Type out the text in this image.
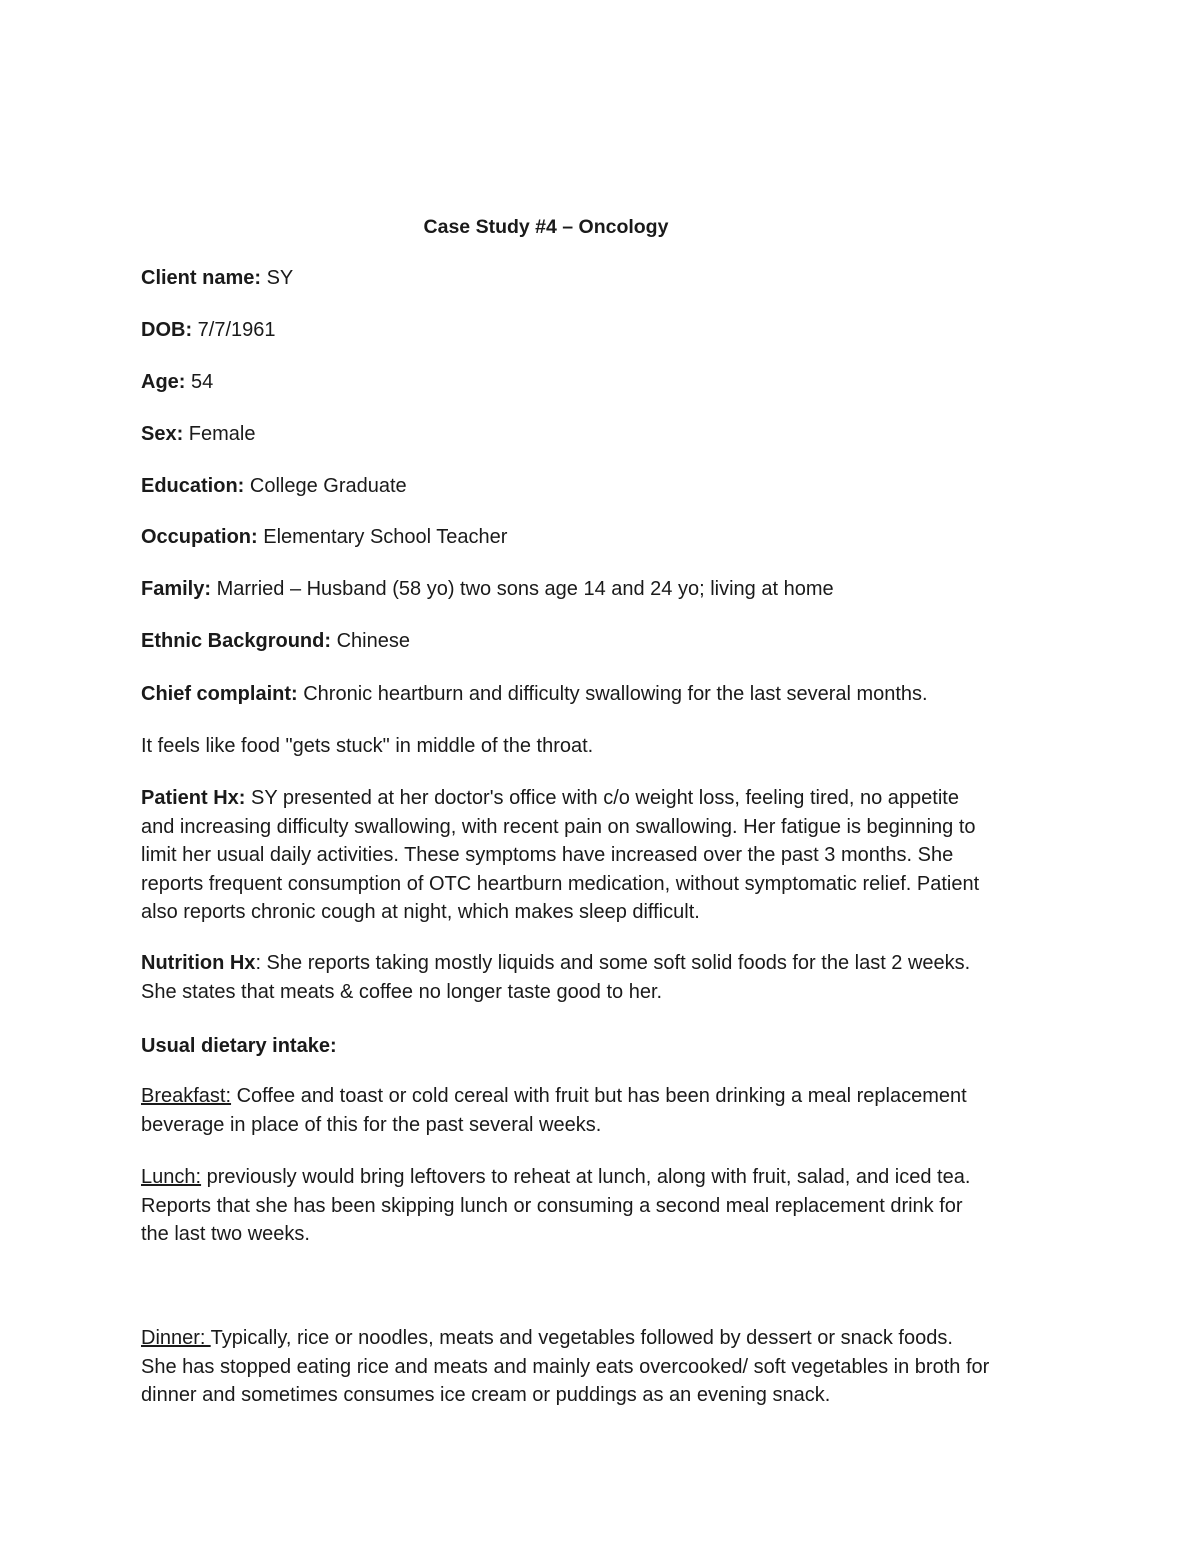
Case Study #4 – Oncology
Client name: SY
DOB: 7/7/1961
Age: 54
Sex: Female
Education: College Graduate
Occupation: Elementary School Teacher
Family: Married – Husband (58 yo) two sons age 14 and 24 yo; living at home
Ethnic Background: Chinese
Chief complaint: Chronic heartburn and difficulty swallowing for the last several months.
It feels like food "gets stuck" in middle of the throat.

Patient Hx: SY presented at her doctor's office with c/o weight loss, feeling tired, no appetite

and increasing difficulty swallowing, with recent pain on swallowing. Her fatigue is beginning to

limit her usual daily activities. These symptoms have increased over the past 3 months. She

reports frequent consumption of OTC heartburn medication, without symptomatic relief. Patient

also reports chronic cough at night, which makes sleep difficult.

Nutrition Hx: She reports taking mostly liquids and some soft solid foods for the last 2 weeks.

She states that meats & coffee no longer taste good to her.

Usual dietary intake:

Breakfast: Coffee and toast or cold cereal with fruit but has been drinking a meal replacement

beverage in place of this for the past several weeks.

Lunch: previously would bring leftovers to reheat at lunch, along with fruit, salad, and iced tea.

Reports that she has been skipping lunch or consuming a second meal replacement drink for

the last two weeks.

Dinner: Typically, rice or noodles, meats and vegetables followed by dessert or snack foods.

She has stopped eating rice and meats and mainly eats overcooked/ soft vegetables in broth for

dinner and sometimes consumes ice cream or puddings as an evening snack.
